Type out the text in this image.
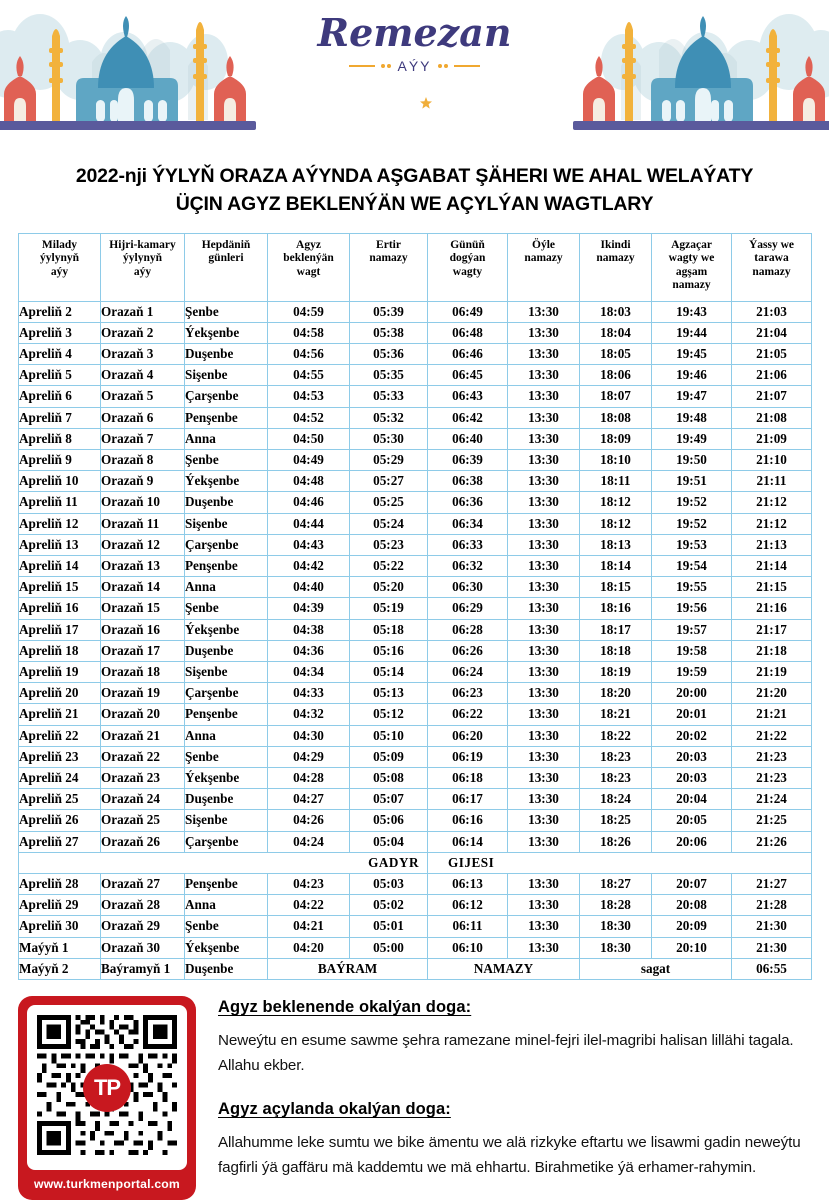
Remezan
AÝY
2022-nji ÝYLYŇ ORAZA AÝYNDA AŞGABAT ŞÄHERI WE AHAL WELAÝATY
ÜÇIN AGYZ BEKLENÝÄN WE AÇYLÝAN WAGTLARY
Milady
ýylynyň
aýy	Hijri-kamary
ýylynyň
aýy	Hepdäniň
günleri	Agyz
beklenýän
wagt	Ertir
namazy	Günüň
dogýan
wagty	Öýle
namazy	Ikindi
namazy	Agzaçar
wagty we
agşam
namazy	Ýassy we
tarawa
namazy
Apreliň 2	Orazaň 1	Şenbe	04:59	05:39	06:49	13:30	18:03	19:43	21:03
Apreliň 3	Orazaň 2	Ýekşenbe	04:58	05:38	06:48	13:30	18:04	19:44	21:04
Apreliň 4	Orazaň 3	Duşenbe	04:56	05:36	06:46	13:30	18:05	19:45	21:05
Apreliň 5	Orazaň 4	Sişenbe	04:55	05:35	06:45	13:30	18:06	19:46	21:06
Apreliň 6	Orazaň 5	Çarşenbe	04:53	05:33	06:43	13:30	18:07	19:47	21:07
Apreliň 7	Orazaň 6	Penşenbe	04:52	05:32	06:42	13:30	18:08	19:48	21:08
Apreliň 8	Orazaň 7	Anna	04:50	05:30	06:40	13:30	18:09	19:49	21:09
Apreliň 9	Orazaň 8	Şenbe	04:49	05:29	06:39	13:30	18:10	19:50	21:10
Apreliň 10	Orazaň 9	Ýekşenbe	04:48	05:27	06:38	13:30	18:11	19:51	21:11
Apreliň 11	Orazaň 10	Duşenbe	04:46	05:25	06:36	13:30	18:12	19:52	21:12
Apreliň 12	Orazaň 11	Sişenbe	04:44	05:24	06:34	13:30	18:12	19:52	21:12
Apreliň 13	Orazaň 12	Çarşenbe	04:43	05:23	06:33	13:30	18:13	19:53	21:13
Apreliň 14	Orazaň 13	Penşenbe	04:42	05:22	06:32	13:30	18:14	19:54	21:14
Apreliň 15	Orazaň 14	Anna	04:40	05:20	06:30	13:30	18:15	19:55	21:15
Apreliň 16	Orazaň 15	Şenbe	04:39	05:19	06:29	13:30	18:16	19:56	21:16
Apreliň 17	Orazaň 16	Ýekşenbe	04:38	05:18	06:28	13:30	18:17	19:57	21:17
Apreliň 18	Orazaň 17	Duşenbe	04:36	05:16	06:26	13:30	18:18	19:58	21:18
Apreliň 19	Orazaň 18	Sişenbe	04:34	05:14	06:24	13:30	18:19	19:59	21:19
Apreliň 20	Orazaň 19	Çarşenbe	04:33	05:13	06:23	13:30	18:20	20:00	21:20
Apreliň 21	Orazaň 20	Penşenbe	04:32	05:12	06:22	13:30	18:21	20:01	21:21
Apreliň 22	Orazaň 21	Anna	04:30	05:10	06:20	13:30	18:22	20:02	21:22
Apreliň 23	Orazaň 22	Şenbe	04:29	05:09	06:19	13:30	18:23	20:03	21:23
Apreliň 24	Orazaň 23	Ýekşenbe	04:28	05:08	06:18	13:30	18:23	20:03	21:23
Apreliň 25	Orazaň 24	Duşenbe	04:27	05:07	06:17	13:30	18:24	20:04	21:24
Apreliň 26	Orazaň 25	Sişenbe	04:26	05:06	06:16	13:30	18:25	20:05	21:25
Apreliň 27	Orazaň 26	Çarşenbe	04:24	05:04	06:14	13:30	18:26	20:06	21:26
GADYR					GIJESI				
Apreliň 28	Orazaň 27	Penşenbe	04:23	05:03	06:13	13:30	18:27	20:07	21:27
Apreliň 29	Orazaň 28	Anna	04:22	05:02	06:12	13:30	18:28	20:08	21:28
Apreliň 30	Orazaň 29	Şenbe	04:21	05:01	06:11	13:30	18:30	20:09	21:30
Maýyň 1	Orazaň 30	Ýekşenbe	04:20	05:00	06:10	13:30	18:30	20:10	21:30
Maýyň 2	Baýramyň 1	Duşenbe	BAÝRAM		NAMAZY		sagat		06:55
TP
www.turkmenportal.com
Agyz beklenende okalýan doga:

Neweýtu en esume sawme şehra ramezane minel-fejri ilel-magribi halisan lillähi tagala. Allahu ekber.

Agyz açylanda okalýan doga:

Allahumme leke sumtu we bike ämentu we alä rizkyke eftartu we lisawmi gadin neweýtu fagfirli ýä gaffäru mä kaddemtu we mä ehhartu. Birahmetike ýä erhamer-rahymin.
